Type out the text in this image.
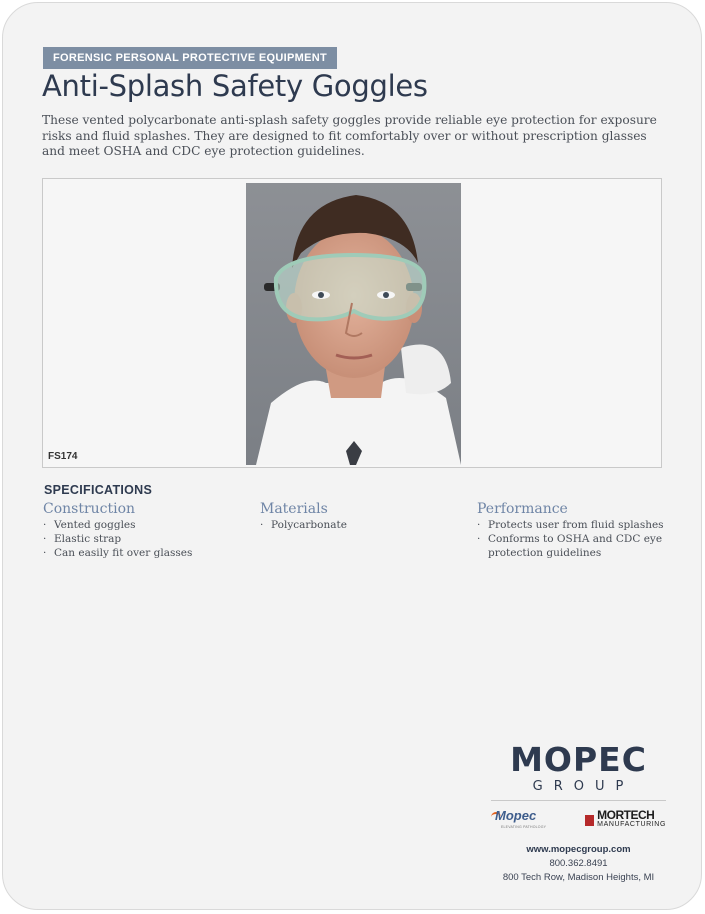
FORENSIC PERSONAL PROTECTIVE EQUIPMENT
Anti-Splash Safety Goggles
These vented polycarbonate anti-splash safety goggles provide reliable eye protection for exposure risks and fluid splashes. They are designed to fit comfortably over or without prescription glasses and meet OSHA and CDC eye protection guidelines.
FS174
SPECIFICATIONS
Construction
· Vented goggles
· Elastic strap
· Can easily fit over glasses
Materials
· Polycarbonate
Performance
· Protects user from fluid splashes
· Conforms to OSHA and CDC eye protection guidelines
MOPEC
GROUP
Mopec
ELEVATING PATHOLOGY
MORTECH
MANUFACTURING
www.mopecgroup.com
800.362.8491
800 Tech Row, Madison Heights, MI
